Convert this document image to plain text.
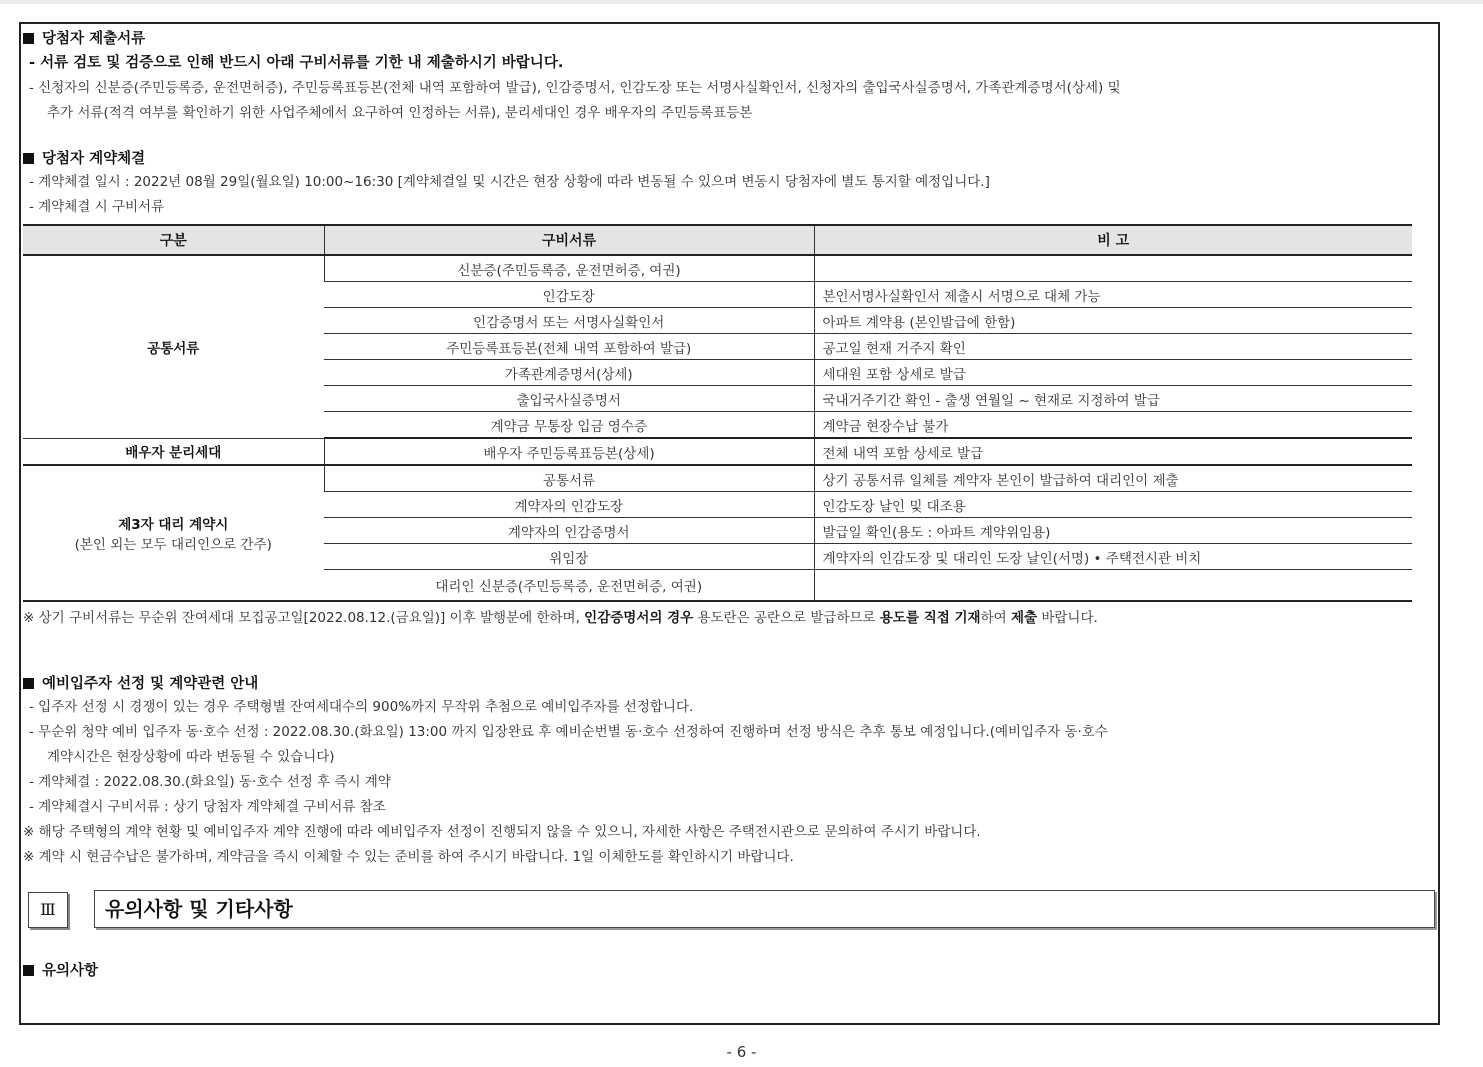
당첨자 제출서류
- 서류 검토 및 검증으로 인해 반드시 아래 구비서류를 기한 내 제출하시기 바랍니다.
- 신청자의 신분증(주민등록증, 운전면허증), 주민등록표등본(전체 내역 포함하여 발급), 인감증명서, 인감도장 또는 서명사실확인서, 신청자의 출입국사실증명서, 가족관계증명서(상세) 및
추가 서류(적격 여부를 확인하기 위한 사업주체에서 요구하여 인정하는 서류), 분리세대인 경우 배우자의 주민등록표등본
당첨자 계약체결
- 계약체결 일시 : 2022년 08월 29일(월요일) 10:00~16:30 [계약체결일 및 시간은 현장 상황에 따라 변동될 수 있으며 변동시 당첨자에 별도 통지할 예정입니다.]
- 계약체결 시 구비서류
구분	구비서류	비 고
공통서류	신분증(주민등록증, 운전면허증, 여권)	
	인감도장	본인서명사실확인서 제출시 서명으로 대체 가능
	인감증명서 또는 서명사실확인서	아파트 계약용 (본인발급에 한함)
	주민등록표등본(전체 내역 포함하여 발급)	공고일 현재 거주지 확인
	가족관계증명서(상세)	세대원 포함 상세로 발급
	출입국사실증명서	국내거주기간 확인 - 출생 연월일 ~ 현재로 지정하여 발급
	계약금 무통장 입금 영수증	계약금 현장수납 불가
배우자 분리세대	배우자 주민등록표등본(상세)	전체 내역 포함 상세로 발급
제3자 대리 계약시
(본인 외는 모두 대리인으로 간주)	공통서류	상기 공통서류 일체를 계약자 본인이 발급하여 대리인이 제출
	계약자의 인감도장	인감도장 날인 및 대조용
	계약자의 인감증명서	발급일 확인(용도 : 아파트 계약위임용)
	위임장	계약자의 인감도장 및 대리인 도장 날인(서명) • 주택전시관 비치
	대리인 신분증(주민등록증, 운전면허증, 여권)	
※ 상기 구비서류는 무순위 잔여세대 모집공고일[2022.08.12.(금요일)] 이후 발행분에 한하며, 인감증명서의 경우 용도란은 공란으로 발급하므로 용도를 직접 기재하여 제출 바랍니다.
예비입주자 선정 및 계약관련 안내
- 입주자 선정 시 경쟁이 있는 경우 주택형별 잔여세대수의 900%까지 무작위 추첨으로 예비입주자를 선정합니다.
- 무순위 청약 예비 입주자 동·호수 선정 : 2022.08.30.(화요일) 13:00 까지 입장완료 후 예비순번별 동·호수 선정하여 진행하며 선정 방식은 추후 통보 예정입니다.(예비입주자 동·호수
계약시간은 현장상황에 따라 변동될 수 있습니다)
- 계약체결 : 2022.08.30.(화요일) 동·호수 선정 후 즉시 계약
- 계약체결시 구비서류 : 상기 당첨자 계약체결 구비서류 참조
※ 해당 주택형의 계약 현황 및 예비입주자 계약 진행에 따라 예비입주자 선정이 진행되지 않을 수 있으니, 자세한 사항은 주택전시관으로 문의하여 주시기 바랍니다.
※ 계약 시 현금수납은 불가하며, 계약금을 즉시 이체할 수 있는 준비를 하여 주시기 바랍니다. 1일 이체한도를 확인하시기 바랍니다.
Ⅲ	유의사항 및 기타사항
유의사항
- 6 -
